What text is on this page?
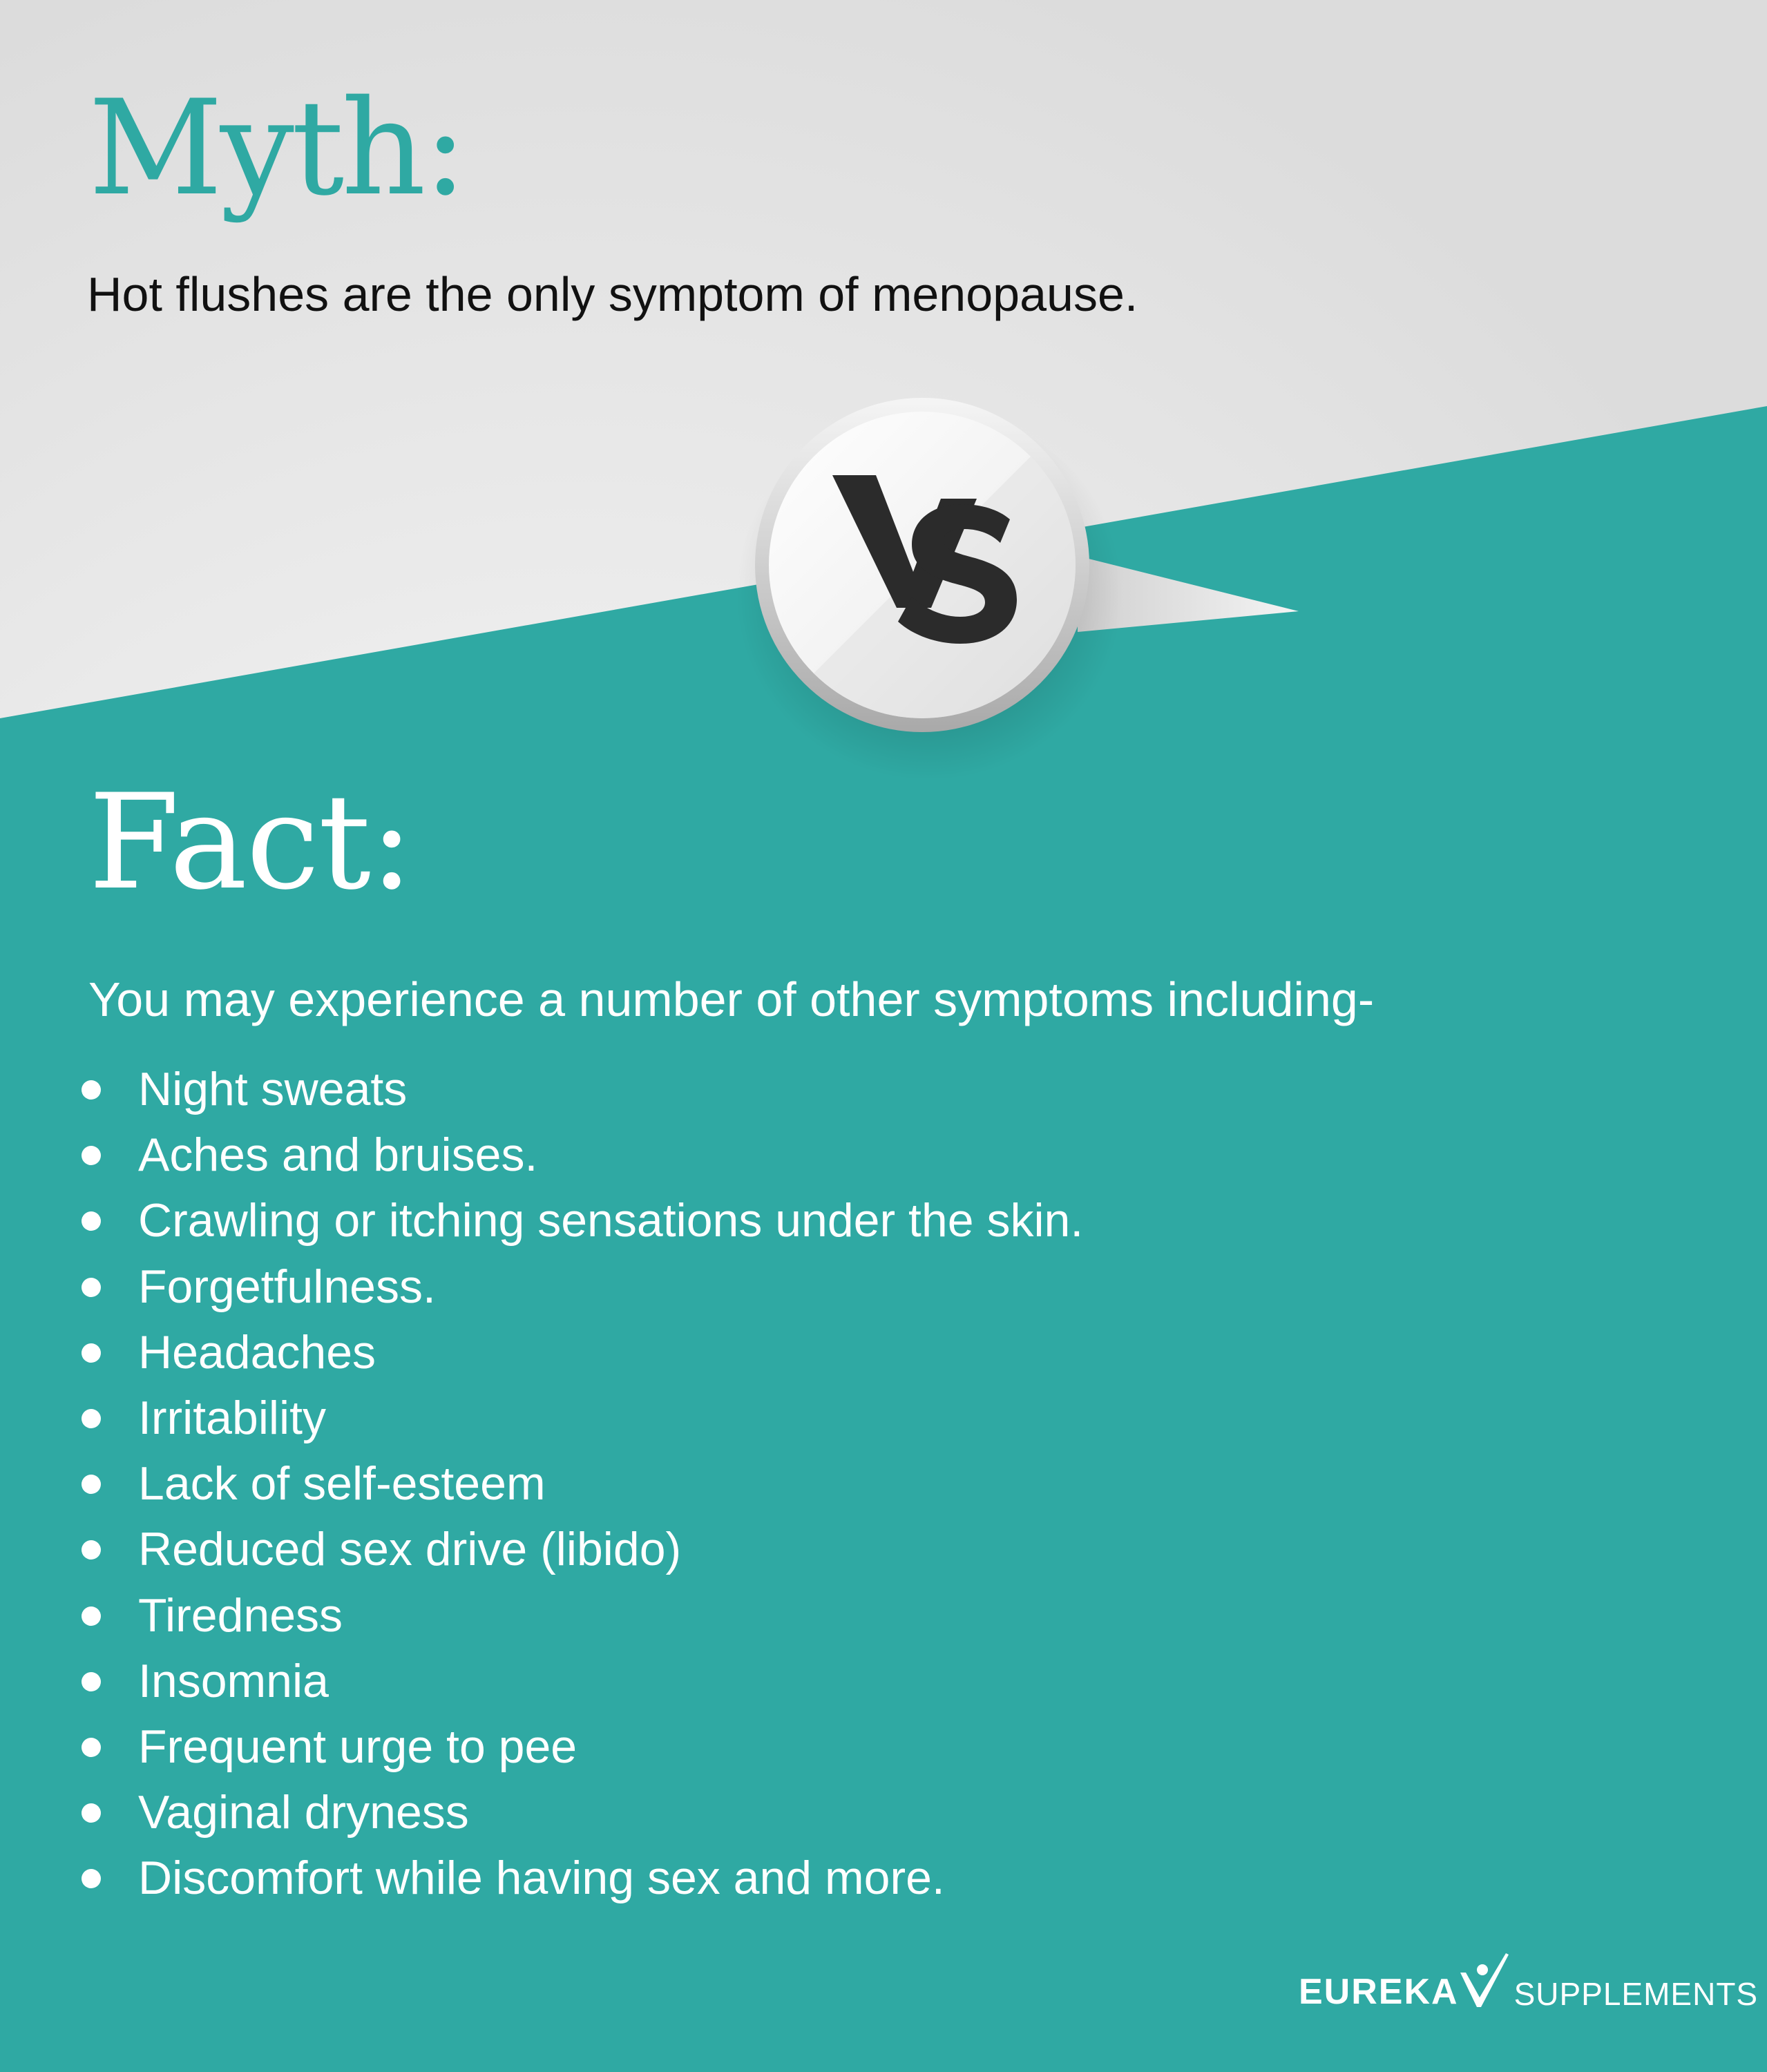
Myth:

Hot flushes are the only symptom of menopause.

Fact:

You may experience a number of other symptoms including-

Night sweats
Aches and bruises.
Crawling or itching sensations under the skin.
Forgetfulness.
Headaches
Irritability
Lack of self-esteem
Reduced sex drive (libido)
Tiredness
Insomnia
Frequent urge to pee
Vaginal dryness
Discomfort while having sex and more.
EUREKA SUPPLEMENTS
